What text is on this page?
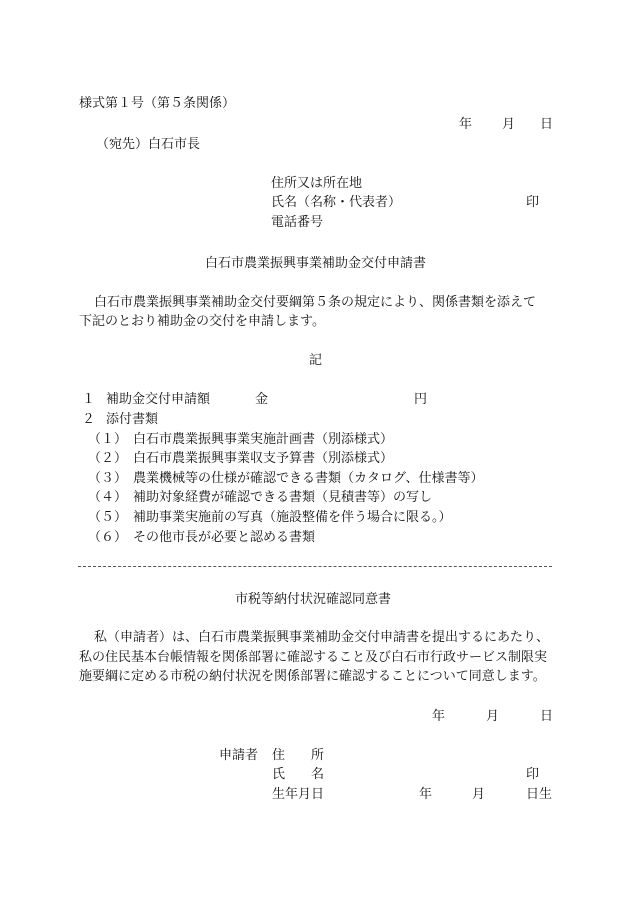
様式第１号（第５条関係）
年 月 日
（宛先）白石市長
住所又は所在地
氏名（名称・代表者）	印
電話番号
白石市農業振興事業補助金交付申請書
白石市農業振興事業補助金交付要綱第５条の規定により、関係書類を添えて
下記のとおり補助金の交付を申請します。
記
１ 補助金交付申請額	金	円
２ 添付書類
（１） 白石市農業振興事業実施計画書（別添様式）
（２） 白石市農業振興事業収支予算書（別添様式）
（３） 農業機械等の仕様が確認できる書類（カタログ、仕様書等）
（４） 補助対象経費が確認できる書類（見積書等）の写し
（５） 補助事業実施前の写真（施設整備を伴う場合に限る。）
（６） その他市長が必要と認める書類
市税等納付状況確認同意書
私（申請者）は、白石市農業振興事業補助金交付申請書を提出するにあたり、
私の住民基本台帳情報を関係部署に確認すること及び白石市行政サービス制限実
施要綱に定める市税の納付状況を関係部署に確認することについて同意します。
年	月	日
申請者 住　　所
氏　　名	印
生年月日	年	月	日生
